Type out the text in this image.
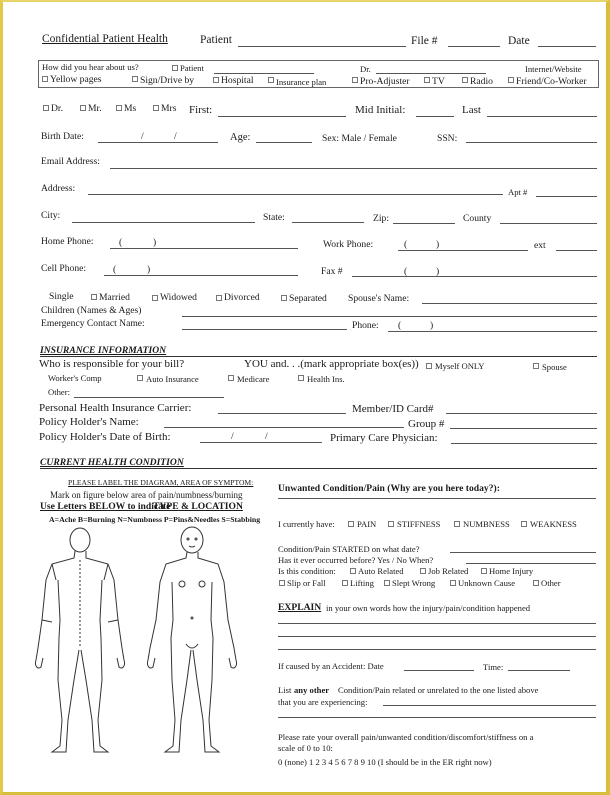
Confidential Patient Health	Patient	File #	Date
How did you hear about us?	Patient	Dr.	Internet/Website
Yellow pages	Sign/Drive by	Hospital	Insurance plan	Pro-Adjuster TV	Radio Friend/Co-Worker
Dr.	Mr. Ms	Mrs First:	Mid Initial:	Last
Birth Date:	/	/	Age:	Sex: Male / Female	SSN:
Email Address:
Address:	Apt #
City:	State:	Zip:	County
Home Phone:	(	)	Work Phone:	(	)	ext
Cell Phone:	(	)	Fax #	(	)
Single	Married	Widowed	Divorced	Separated Spouse's Name:
Children (Names & Ages)
Emergency Contact Name:	Phone: (	)
INSURANCE INFORMATION
Who is responsible for your bill?	YOU and. . .(mark appropriate box(es)) Myself ONLY	Spouse
Worker's Comp	Auto Insurance	Medicare	Health Ins.
Other:
Personal Health Insurance Carrier:	Member/ID Card#
Policy Holder's Name:	Group #
Policy Holder's Date of Birth:	/	/	Primary Care Physician:
CURRENT HEALTH CONDITION
PLEASE LABEL THE DIAGRAM, AREA OF SYMPTOM:
Mark on figure below area of pain/numbness/burning
Use Letters BELOW to indicate
TYPE & LOCATION
A=Ache B=Burning N=Numbness P=Pins&Needles S=Stabbing
Unwanted Condition/Pain (Why are you here today?):
I currently have:	PAIN STIFFNESS	NUMBNESS WEAKNESS
Condition/Pain STARTED on what date?
Has it ever occurred before? Yes / No When?
Is this condition:	Auto Related	Job Related Home Injury
Slip or Fall	Lifting Slept Wrong	Unknown Cause	Other
EXPLAIN in your own words how the injury/pain/condition happened
If caused by an Accident: Date	Time:
List any other Condition/Pain related or unrelated to the one listed above
that you are experiencing:
Please rate your overall pain/unwanted condition/discomfort/stiffness on a
scale of 0 to 10:
0 (none) 1 2 3 4 5 6 7 8 9 10 (I should be in the ER right now)
